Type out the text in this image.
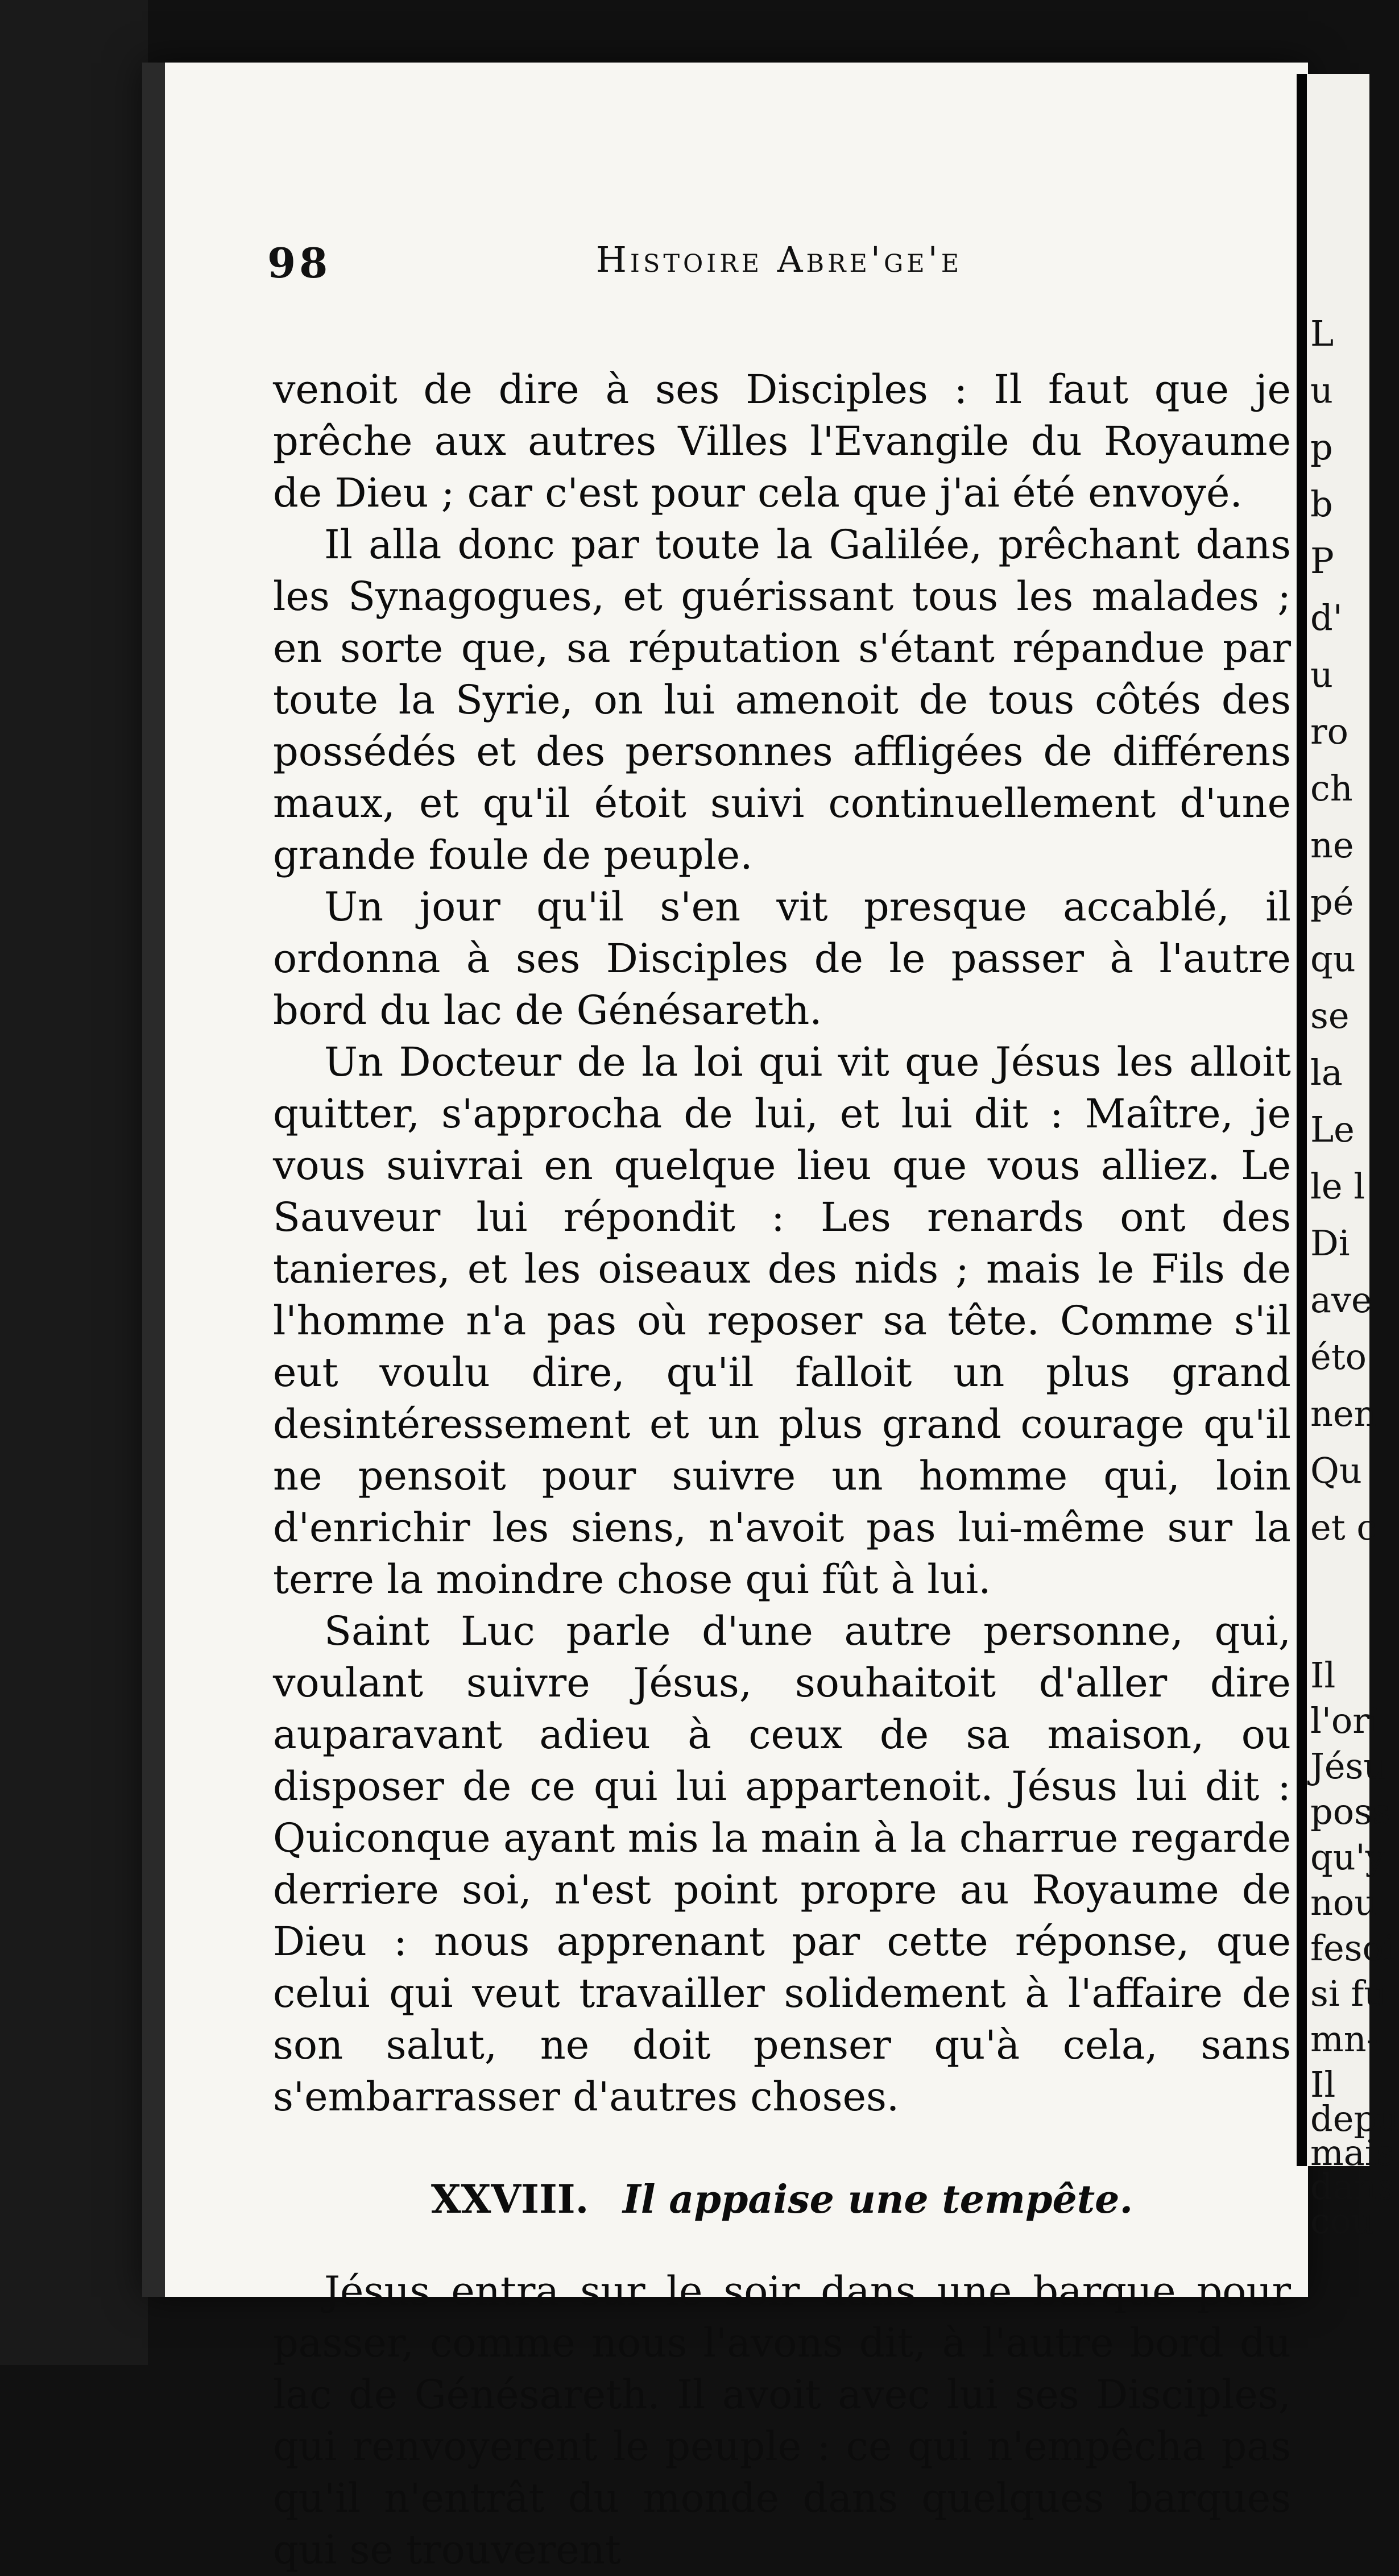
98	Histoire Abre'ge'e

venoit de dire à ses Disciples : Il faut que je prêche aux autres Villes l'Evangile du Royaume de Dieu ; car c'est pour cela que j'ai été envoyé.

Il alla donc par toute la Galilée, prêchant dans les Synagogues, et guérissant tous les malades ; en sorte que, sa réputation s'étant répandue par toute la Syrie, on lui amenoit de tous côtés des possédés et des personnes affligées de différens maux, et qu'il étoit suivi continuellement d'une grande foule de peuple.

Un jour qu'il s'en vit presque accablé, il ordonna à ses Disciples de le passer à l'autre bord du lac de Génésareth.

Un Docteur de la loi qui vit que Jésus les alloit quitter, s'approcha de lui, et lui dit : Maître, je vous suivrai en quelque lieu que vous alliez. Le Sauveur lui répondit : Les renards ont des tanieres, et les oiseaux des nids ; mais le Fils de l'homme n'a pas où reposer sa tête. Comme s'il eut voulu dire, qu'il falloit un plus grand desintéressement et un plus grand courage qu'il ne pensoit pour suivre un homme qui, loin d'enrichir les siens, n'avoit pas lui-même sur la terre la moindre chose qui fût à lui.

Saint Luc parle d'une autre personne, qui, voulant suivre Jésus, souhaitoit d'aller dire auparavant adieu à ceux de sa maison, ou disposer de ce qui lui appartenoit. Jésus lui dit : Quiconque ayant mis la main à la charrue regarde derriere soi, n'est point propre au Royaume de Dieu : nous apprenant par cette réponse, que celui qui veut travailler solidement à l'affaire de son salut, ne doit penser qu'à cela, sans s'embarrasser d'autres choses.

XXVIII. Il appaise une tempête.

Jésus entra sur le soir dans une barque pour passer, comme nous l'avons dit, à l'autre bord du lac de Génésareth. Il avoit avec lui ses Disciples, qui renvoyerent le peuple : ce qui n'empêcha pas qu'il n'entrât du monde dans quelques barques qui se trouverent

L
u
p
b
P
d'
u
ro
ch
ne
pé
qu
se
la
Le
le l
Di
ave
éto
nen
Qu
et c
Il
l'ori
Jésu
poss
qu'y
nou
fesoi
si fu
mn-
Il
depu
mais
dans
cou
